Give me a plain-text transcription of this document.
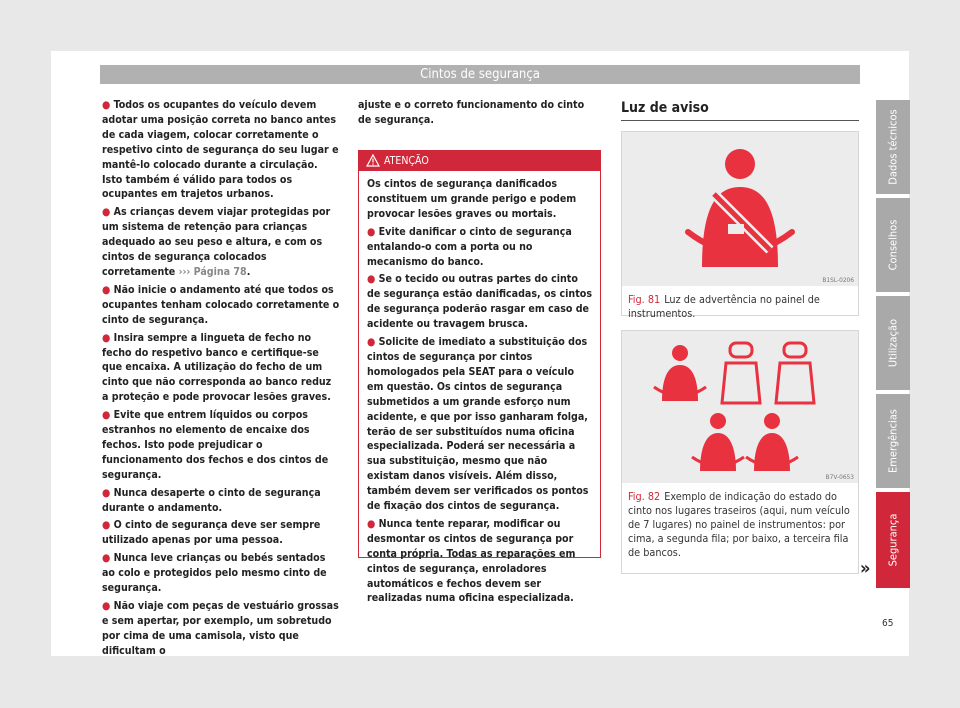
Cintos de segurança

● Todos os ocupantes do veículo devem adotar uma posição correta no banco antes de cada viagem, colocar corretamente o respetivo cinto de segurança do seu lugar e mantê-lo colocado durante a circulação. Isto também é válido para todos os ocupantes em trajetos urbanos.

● As crianças devem viajar protegidas por um sistema de retenção para crianças adequado ao seu peso e altura, e com os cintos de segurança colocados corretamente ››› Página 78.

● Não inicie o andamento até que todos os ocupantes tenham colocado corretamente o cinto de segurança.

● Insira sempre a lingueta de fecho no fecho do respetivo banco e certifique-se que encaixa. A utilização do fecho de um cinto que não corresponda ao banco reduz a proteção e pode provocar lesões graves.

● Evite que entrem líquidos ou corpos estranhos no elemento de encaixe dos fechos. Isto pode prejudicar o funcionamento dos fechos e dos cintos de segurança.

● Nunca desaperte o cinto de segurança durante o andamento.

● O cinto de segurança deve ser sempre utilizado apenas por uma pessoa.

● Nunca leve crianças ou bebés sentados ao colo e protegidos pelo mesmo cinto de segurança.

● Não viaje com peças de vestuário grossas e sem apertar, por exemplo, um sobretudo por cima de uma camisola, visto que dificultam o

ajuste e o correto funcionamento do cinto de segurança.
ATENÇÃO

Os cintos de segurança danificados constituem um grande perigo e podem provocar lesões graves ou mortais.

● Evite danificar o cinto de segurança entalando-o com a porta ou no mecanismo do banco.

● Se o tecido ou outras partes do cinto de segurança estão danificadas, os cintos de segurança poderão rasgar em caso de acidente ou travagem brusca.

● Solicite de imediato a substituição dos cintos de segurança por cintos homologados pela SEAT para o veículo em questão. Os cintos de segurança submetidos a um grande esforço num acidente, e que por isso ganharam folga, terão de ser substituídos numa oficina especializada. Poderá ser necessária a sua substituição, mesmo que não existam danos visíveis. Além disso, também devem ser verificados os pontos de fixação dos cintos de segurança.

● Nunca tente reparar, modificar ou desmontar os cintos de segurança por conta própria. Todas as reparações em cintos de segurança, enroladores automáticos e fechos devem ser realizadas numa oficina especializada.

Luz de aviso
B1SL-0206
Fig. 81 Luz de advertência no painel de instrumentos.
B7V-0653
Fig. 82 Exemplo de indicação do estado do cinto nos lugares traseiros (aqui, num veículo de 7 lugares) no painel de instrumentos: por cima, a segunda fila; por baixo, a terceira fila de bancos.
»
Dados técnicos
Conselhos
Utilização
Emergências
Segurança
65
